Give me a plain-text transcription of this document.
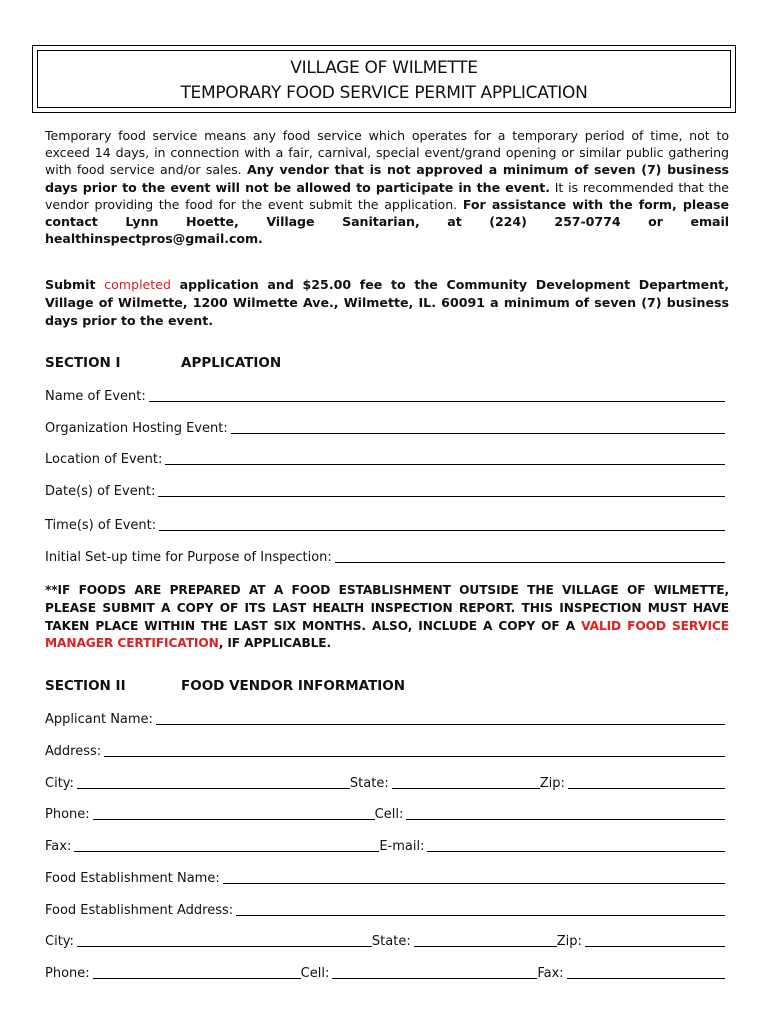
VILLAGE OF WILMETTE
TEMPORARY FOOD SERVICE PERMIT APPLICATION
Temporary food service means any food service which operates for a temporary period of time, not to exceed 14 days, in connection with a fair, carnival, special event/grand opening or similar public gathering with food service and/or sales. Any vendor that is not approved a minimum of seven (7) business days prior to the event will not be allowed to participate in the event. It is recommended that the vendor providing the food for the event submit the application. For assistance with the form, please contact Lynn Hoette, Village Sanitarian, at (224) 257-0774 or email healthinspectpros@gmail.com.
Submit completed application and $25.00 fee to the Community Development Department, Village of Wilmette, 1200 Wilmette Ave., Wilmette, IL. 60091 a minimum of seven (7) business days prior to the event.
SECTION I	APPLICATION
Name of Event:
Organization Hosting Event:
Location of Event:
Date(s) of Event:
Time(s) of Event:
Initial Set-up time for Purpose of Inspection:
**IF FOODS ARE PREPARED AT A FOOD ESTABLISHMENT OUTSIDE THE VILLAGE OF WILMETTE, PLEASE SUBMIT A COPY OF ITS LAST HEALTH INSPECTION REPORT. THIS INSPECTION MUST HAVE TAKEN PLACE WITHIN THE LAST SIX MONTHS. ALSO, INCLUDE A COPY OF A VALID FOOD SERVICE MANAGER CERTIFICATION, IF APPLICABLE.
SECTION II	FOOD VENDOR INFORMATION
Applicant Name:
Address:
City:	State:	Zip:
Phone:	Cell:
Fax:	E-mail:
Food Establishment Name:
Food Establishment Address:
City:	State:	Zip:
Phone:	Cell:	Fax:
